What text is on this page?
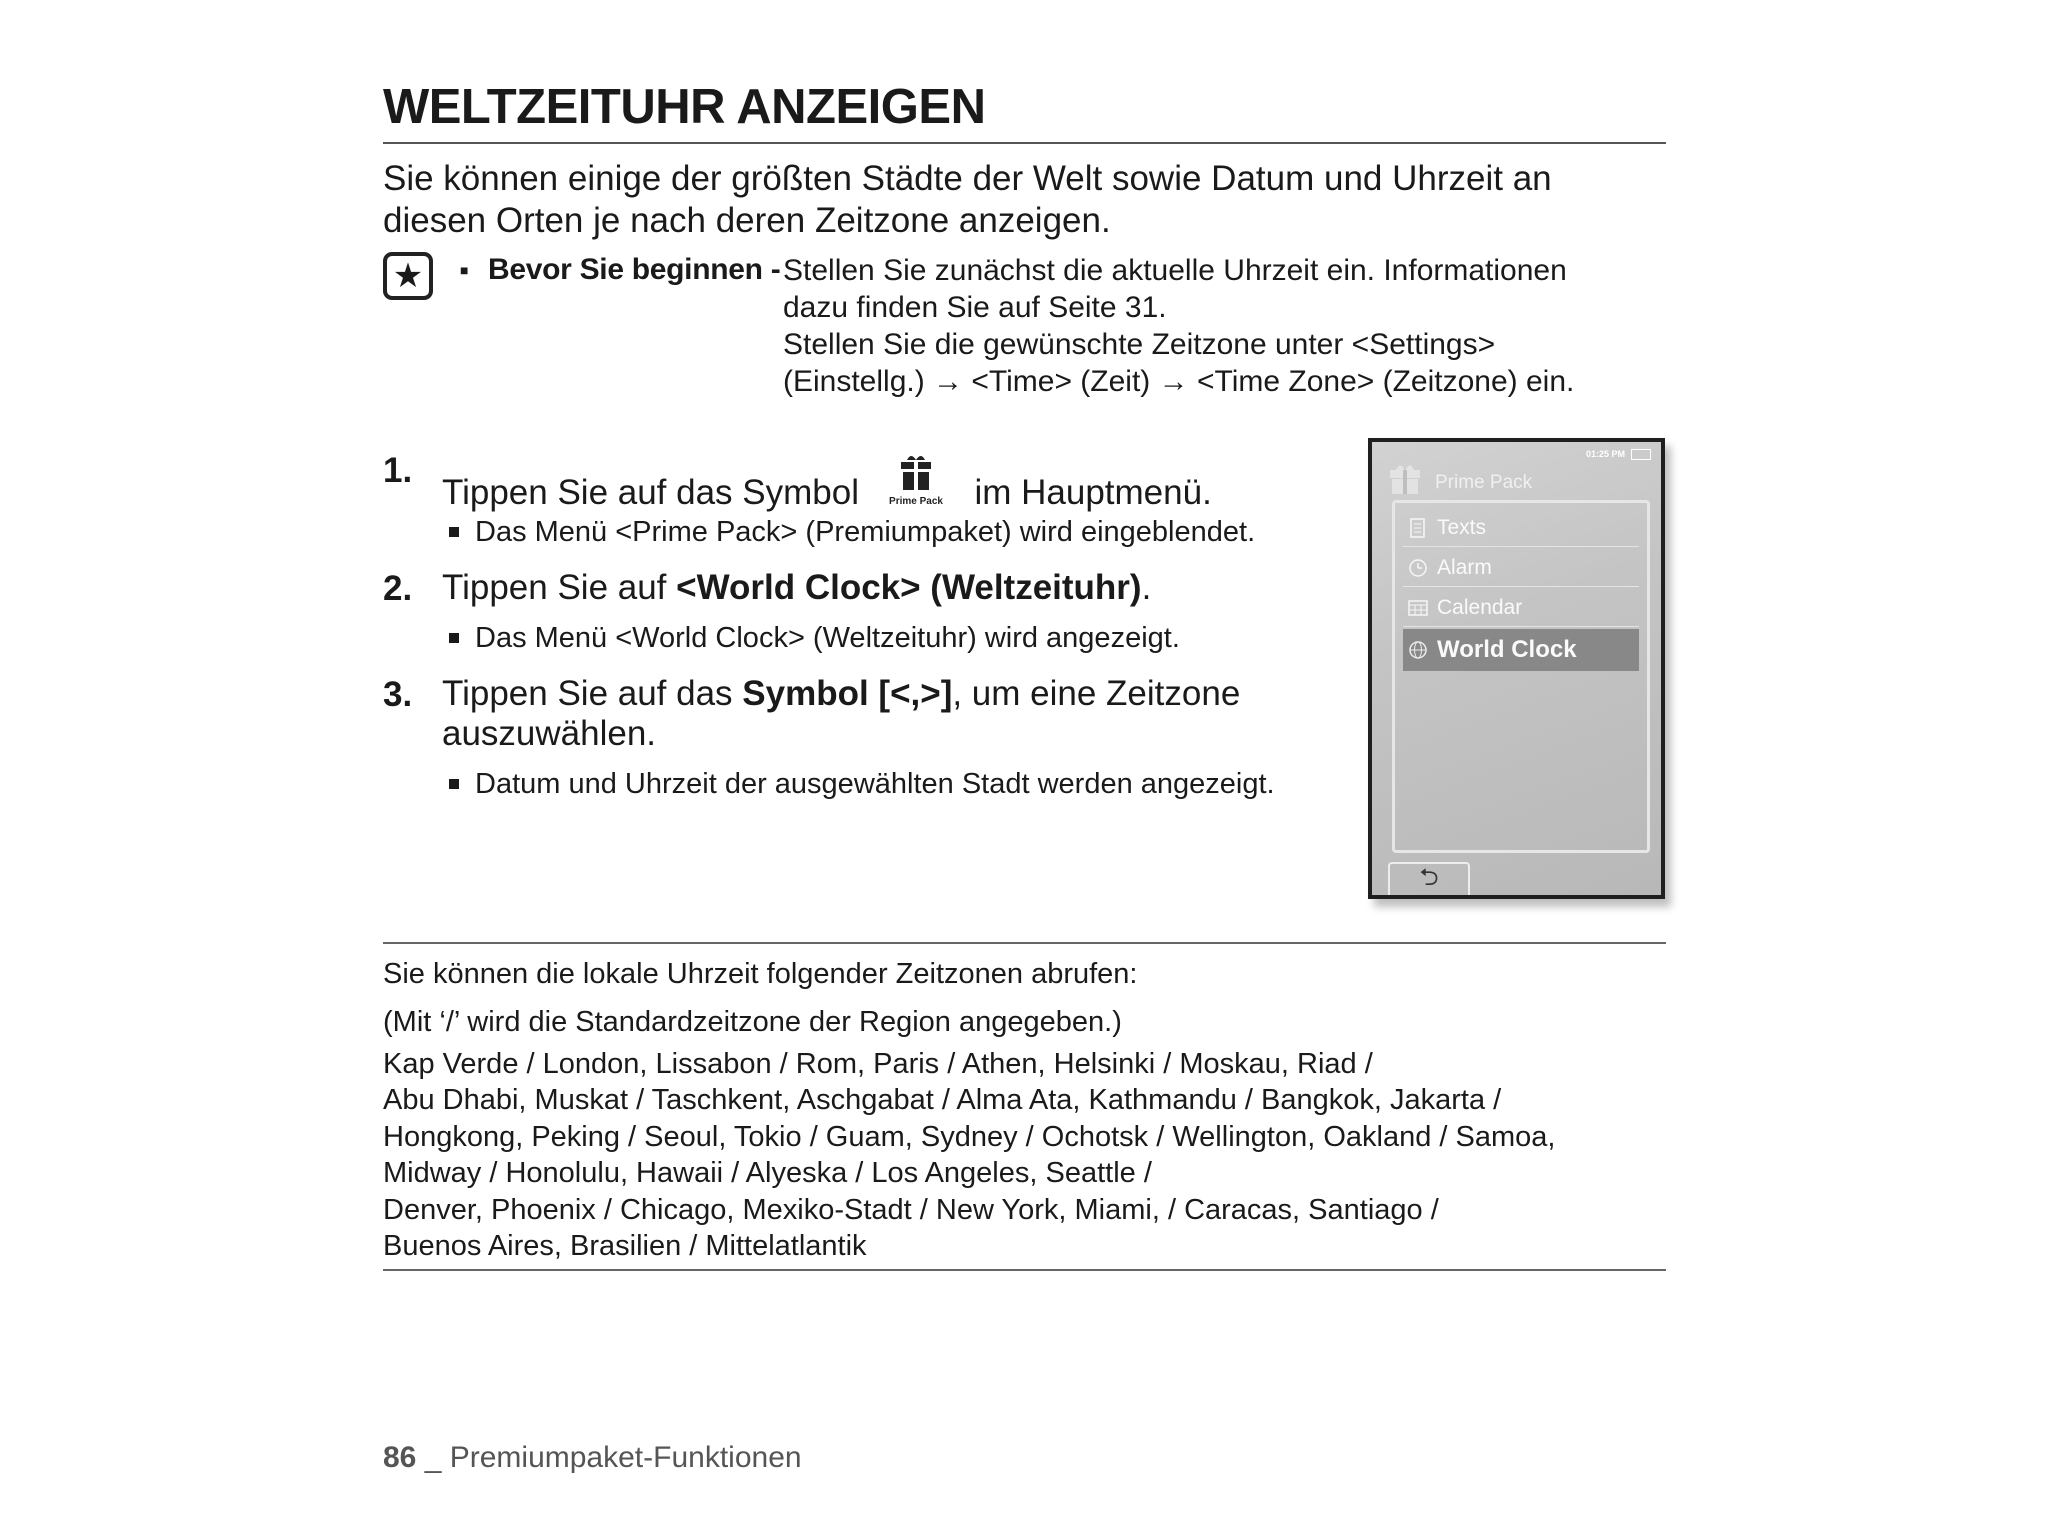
WELTZEITUHR ANZEIGEN
Sie können einige der größten Städte der Welt sowie Datum und Uhrzeit an
diesen Orten je nach deren Zeitzone anzeigen.
★	■ Bevor Sie beginnen - Stellen Sie zunächst die aktuelle Uhrzeit ein. Informationen
dazu finden Sie auf Seite 31.
Stellen Sie die gewünschte Zeitzone unter <Settings>
(Einstellg.) → <Time> (Zeit) → <Time Zone> (Zeitzone) ein.
1.
Tippen Sie auf das Symbol	Prime Pack im Hauptmenü.
Das Menü <Prime Pack> (Premiumpaket) wird eingeblendet.
2. Tippen Sie auf <World Clock> (Weltzeituhr).
Das Menü <World Clock> (Weltzeituhr) wird angezeigt.
3. Tippen Sie auf das Symbol [<,>], um eine Zeitzone
auszuwählen.
Datum und Uhrzeit der ausgewählten Stadt werden angezeigt.
01:25 PM
Prime Pack
Texts
Alarm
Calendar
World Clock
⮌
Sie können die lokale Uhrzeit folgender Zeitzonen abrufen:
(Mit ‘/’ wird die Standardzeitzone der Region angegeben.)
Kap Verde / London, Lissabon / Rom, Paris / Athen, Helsinki / Moskau, Riad /
Abu Dhabi, Muskat / Taschkent, Aschgabat / Alma Ata, Kathmandu / Bangkok, Jakarta /
Hongkong, Peking / Seoul, Tokio / Guam, Sydney / Ochotsk / Wellington, Oakland / Samoa,
Midway / Honolulu, Hawaii / Alyeska / Los Angeles, Seattle /
Denver, Phoenix / Chicago, Mexiko-Stadt / New York, Miami, / Caracas, Santiago /
Buenos Aires, Brasilien / Mittelatlantik
86 _ Premiumpaket-Funktionen
